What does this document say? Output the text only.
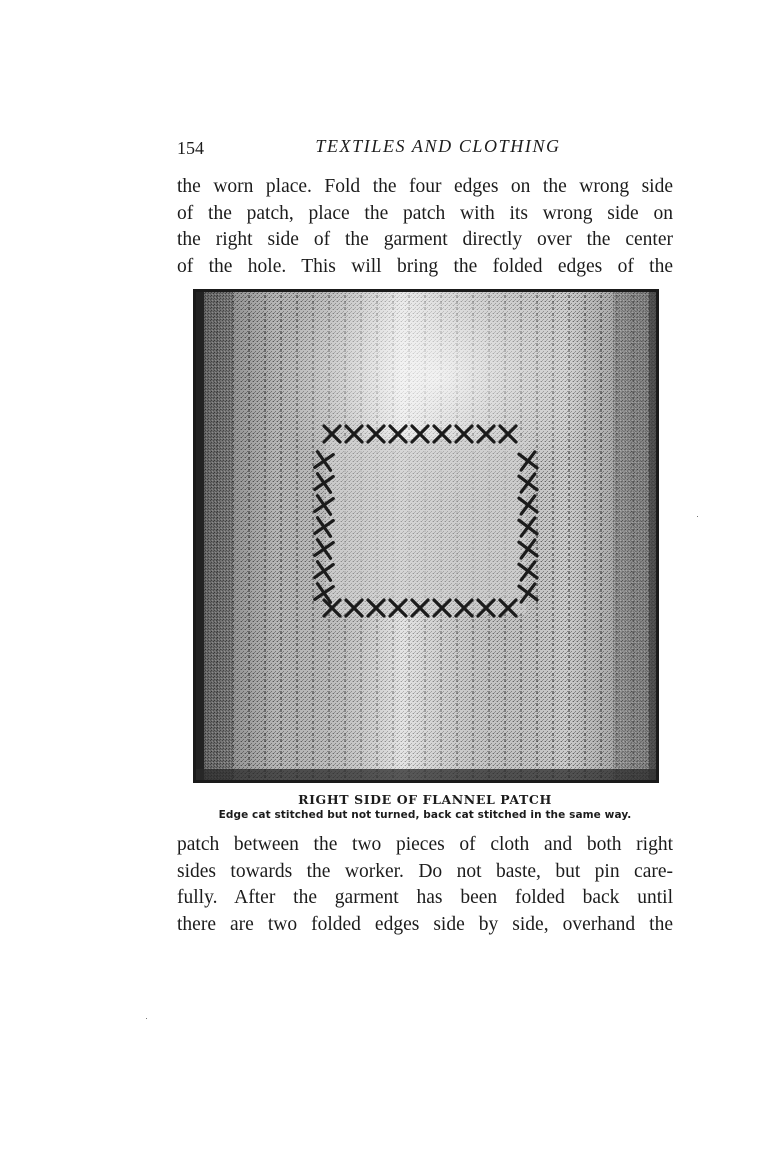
154	TEXTILES AND CLOTHING
the worn place. Fold the four edges on the wrong side
of the patch, place the patch with its wrong side on
the right side of the garment directly over the center
of the hole. This will bring the folded edges of the
RIGHT SIDE OF FLANNEL PATCH
Edge cat stitched but not turned, back cat stitched in the same way.
patch between the two pieces of cloth and both right
sides towards the worker. Do not baste, but pin care-
fully. After the garment has been folded back until
there are two folded edges side by side, overhand the
